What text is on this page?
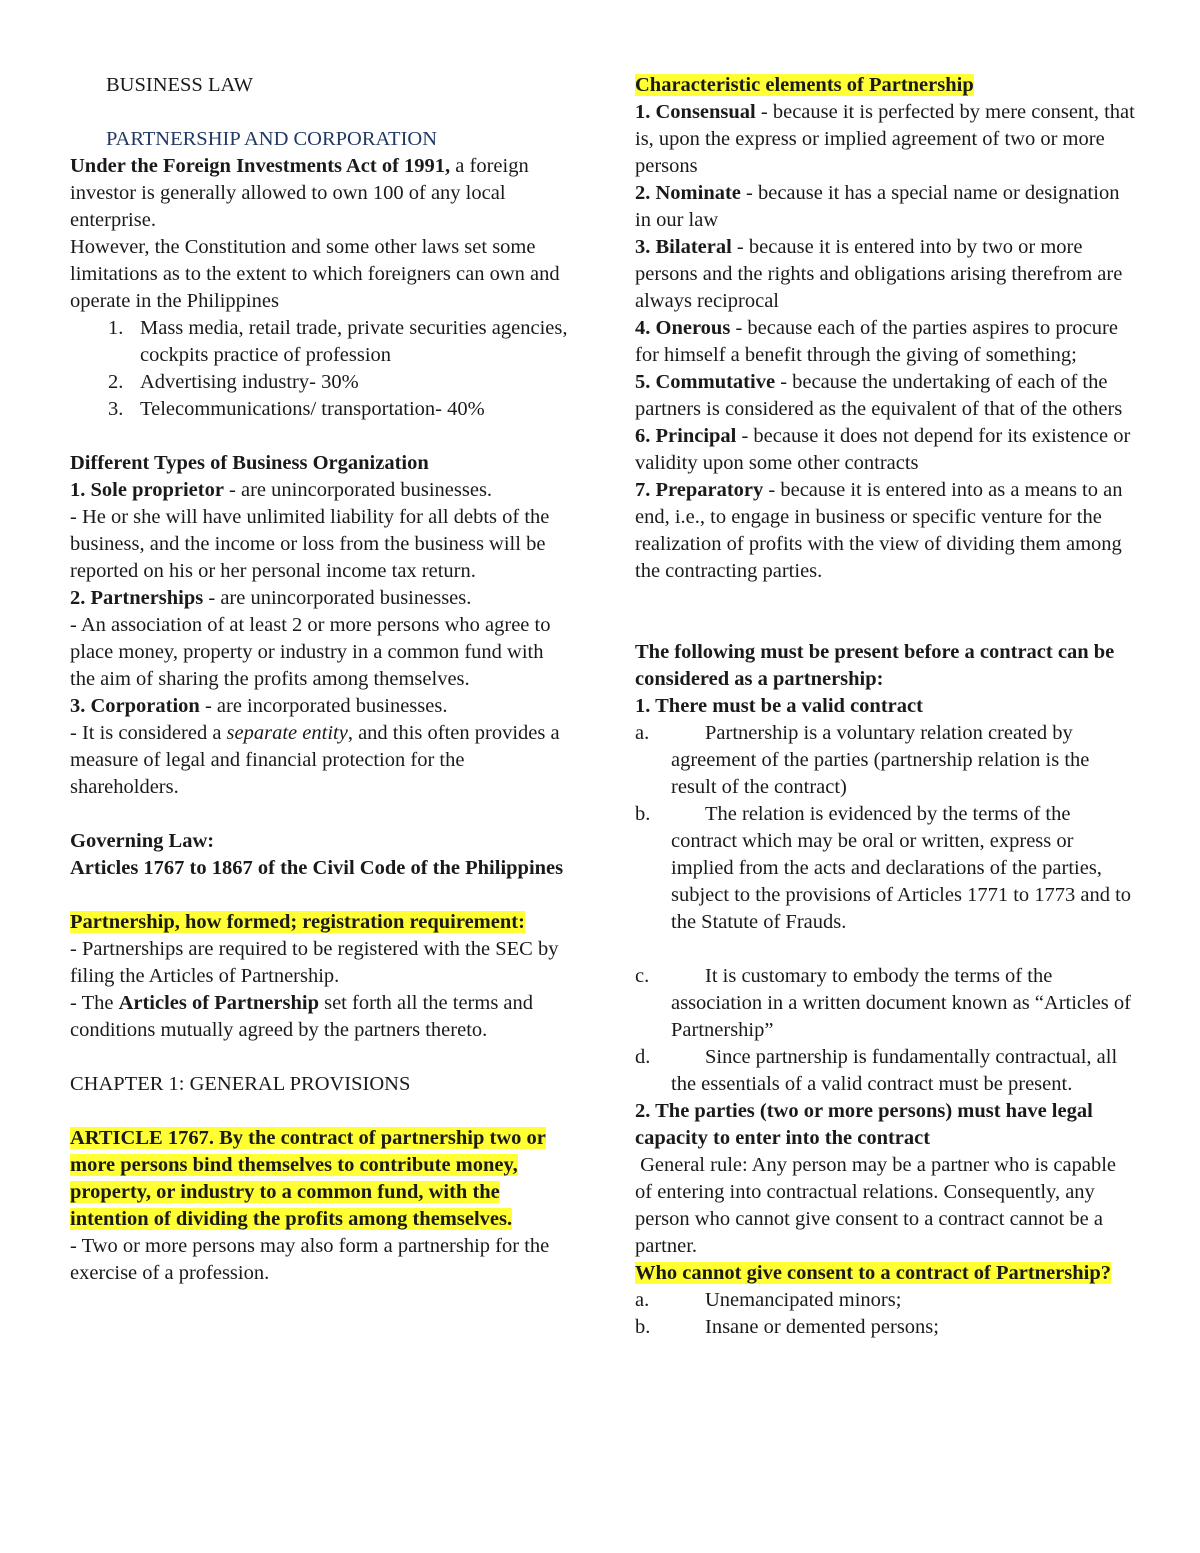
BUSINESS LAW

PARTNERSHIP AND CORPORATION

Under the Foreign Investments Act of 1991, a foreign investor is generally allowed to own 100 of any local enterprise.

However, the Constitution and some other laws set some limitations as to the extent to which foreigners can own and operate in the Philippines

1. Mass media, retail trade, private securities agencies, cockpits practice of profession
2. Advertising industry- 30%
3. Telecommunications/ transportation- 40%

Different Types of Business Organization

1. Sole proprietor - are unincorporated businesses.

- He or she will have unlimited liability for all debts of the business, and the income or loss from the business will be reported on his or her personal income tax return.

2. Partnerships - are unincorporated businesses.

- An association of at least 2 or more persons who agree to place money, property or industry in a common fund with the aim of sharing the profits among themselves.

3. Corporation - are incorporated businesses.

- It is considered a separate entity, and this often provides a measure of legal and financial protection for the shareholders.

Governing Law:

Articles 1767 to 1867 of the Civil Code of the Philippines

Partnership, how formed; registration requirement:

- Partnerships are required to be registered with the SEC by filing the Articles of Partnership.

- The Articles of Partnership set forth all the terms and conditions mutually agreed by the partners thereto.

CHAPTER 1: GENERAL PROVISIONS

ARTICLE 1767. By the contract of partnership two or more persons bind themselves to contribute money, property, or industry to a common fund, with the intention of dividing the profits among themselves.

- Two or more persons may also form a partnership for the exercise of a profession.

Characteristic elements of Partnership

1. Consensual - because it is perfected by mere consent, that is, upon the express or implied agreement of two or more persons

2. Nominate - because it has a special name or designation in our law

3. Bilateral - because it is entered into by two or more persons and the rights and obligations arising therefrom are always reciprocal

4. Onerous - because each of the parties aspires to procure for himself a benefit through the giving of something;

5. Commutative - because the undertaking of each of the partners is considered as the equivalent of that of the others

6. Principal - because it does not depend for its existence or validity upon some other contracts

7. Preparatory - because it is entered into as a means to an end, i.e., to engage in business or specific venture for the realization of profits with the view of dividing them among the contracting parties.

The following must be present before a contract can be considered as a partnership:

1. There must be a valid contract

a.	Partnership is a voluntary relation created by agreement of the parties (partnership relation is the result of the contract)
b.	The relation is evidenced by the terms of the contract which may be oral or written, express or implied from the acts and declarations of the parties, subject to the provisions of Articles 1771 to 1773 and to the Statute of Frauds.
c.	It is customary to embody the terms of the association in a written document known as “Articles of Partnership”
d.	Since partnership is fundamentally contractual, all the essentials of a valid contract must be present.

2. The parties (two or more persons) must have legal capacity to enter into the contract

General rule: Any person may be a partner who is capable of entering into contractual relations. Consequently, any person who cannot give consent to a contract cannot be a partner.

Who cannot give consent to a contract of Partnership?

a.	Unemancipated minors;
b.	Insane or demented persons;
